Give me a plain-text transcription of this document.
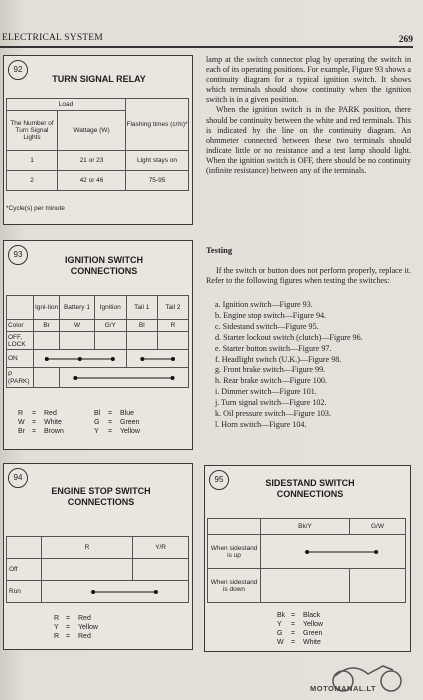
ELECTRICAL SYSTEM	269
92
TURN SIGNAL RELAY
Load		Flashing times (c/m)*
The Number of Turn Signal Lights	Wattage (W)	
1	21 or 23	Light stays on
2	42 or 46	75-95
*Cycle(s) per minute
93
IGNITION SWITCH CONNECTIONS
	Igni-tion	Battery 1	Ignition	Tail 1	Tail 2
Color	Br	W	G/Y	Bl	R
OFF, LOCK					
ON	

P (PARK)		
R = Red	Bl = Blue
W = White	G = Green
Br = Brown	Y = Yellow
94
ENGINE STOP SWITCH CONNECTIONS
	R	Y/R
Off		
Run	
R = Red
Y = Yellow
R = Red

lamp at the switch connector plug by operating the switch in each of its operating positions. For example, Figure 93 shows a continuity diagram for a typical ignition switch. It shows which terminals should show continuity when the ignition switch is in a given position.

When the ignition switch is in the PARK position, there should be continuity between the white and red terminals. This is indicated by the line on the continuity diagram. An ohmmeter connected between these two terminals should indicate little or no resistance and a test lamp should light. When the ignition switch is OFF, there should be no continuity (infinite resistance) between any of the terminals.

Testing

If the switch or button does not perform properly, replace it. Refer to the following figures when testing the switches:

a. Ignition switch—Figure 93.
b. Engine stop switch—Figure 94.
c. Sidestand switch—Figure 95.
d. Starter lockout switch (clutch)—Figure 96.
e. Starter button switch—Figure 97.
f. Headlight switch (U.K.)—Figure 98.
g. Front brake switch—Figure 99.
h. Rear brake switch—Figure 100.
i. Dimmer switch—Figure 101.
j. Turn signal switch—Figure 102.
k. Oil pressure switch—Figure 103.
l. Horn switch—Figure 104.
95	SIDESTAND SWITCH CONNECTIONS
	Bk/Y	G/W
When sidestand is up	

When sidestand is down		
Bk = Black
Y = Yellow
G = Green
W = White
MOTOMANAL.LT
